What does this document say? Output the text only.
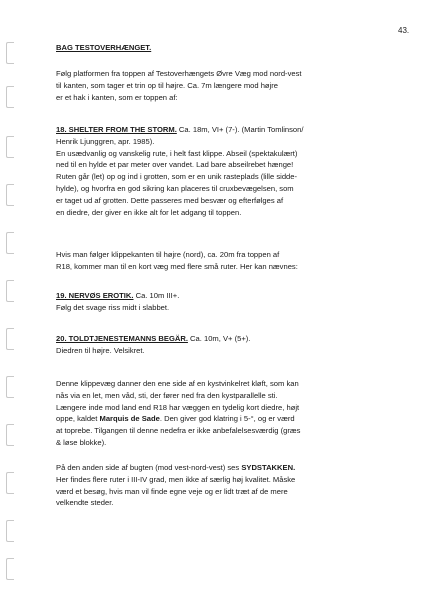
43.

BAG TESTOVERHÆNGET.

Følg platformen fra toppen af Testoverhængets Øvre Væg mod nord-vest

til kanten, som tager et trin op til højre. Ca. 7m længere mod højre

er et hak i kanten, som er toppen af:

18. SHELTER FROM THE STORM. Ca. 18m, VI+ (7-). (Martin Tomlinson/

Henrik Ljunggren, apr. 1985).

En usædvanlig og vanskelig rute, i helt fast klippe. Abseil (spektakulært)

ned til en hylde et par meter over vandet. Lad bare abseilrebet hænge!

Ruten går (let) op og ind i grotten, som er en unik rasteplads (lille sidde-

hylde), og hvorfra en god sikring kan placeres til cruxbevægelsen, som

er taget ud af grotten. Dette passeres med besvær og efterfølges af

en diedre, der giver en ikke alt for let adgang til toppen.

Hvis man følger klippekanten til højre (nord), ca. 20m fra toppen af

R18, kommer man til en kort væg med flere små ruter. Her kan nævnes:

19. NERVØS EROTIK. Ca. 10m III+.

Følg det svage riss midt i slabbet.

20. TOLDTJENESTEMANNS BEGÄR. Ca. 10m, V+ (5+).

Diedren til højre. Velsikret.

Denne klippevæg danner den ene side af en kystvinkelret kløft, som kan

nås via en let, men våd, sti, der fører ned fra den kystparallelle sti.

Længere inde mod land end R18 har væggen en tydelig kort diedre, højt

oppe, kaldet Marquis de Sade. Den giver god klatring i 5-°, og er værd

at toprebe. Tilgangen til denne nedefra er ikke anbefalelsesværdig (græs

& løse blokke).

På den anden side af bugten (mod vest-nord-vest) ses SYDSTAKKEN.

Her findes flere ruter i III-IV grad, men ikke af særlig høj kvalitet. Måske

værd et besøg, hvis man vil finde egne veje og er lidt træt af de mere

velkendte steder.
